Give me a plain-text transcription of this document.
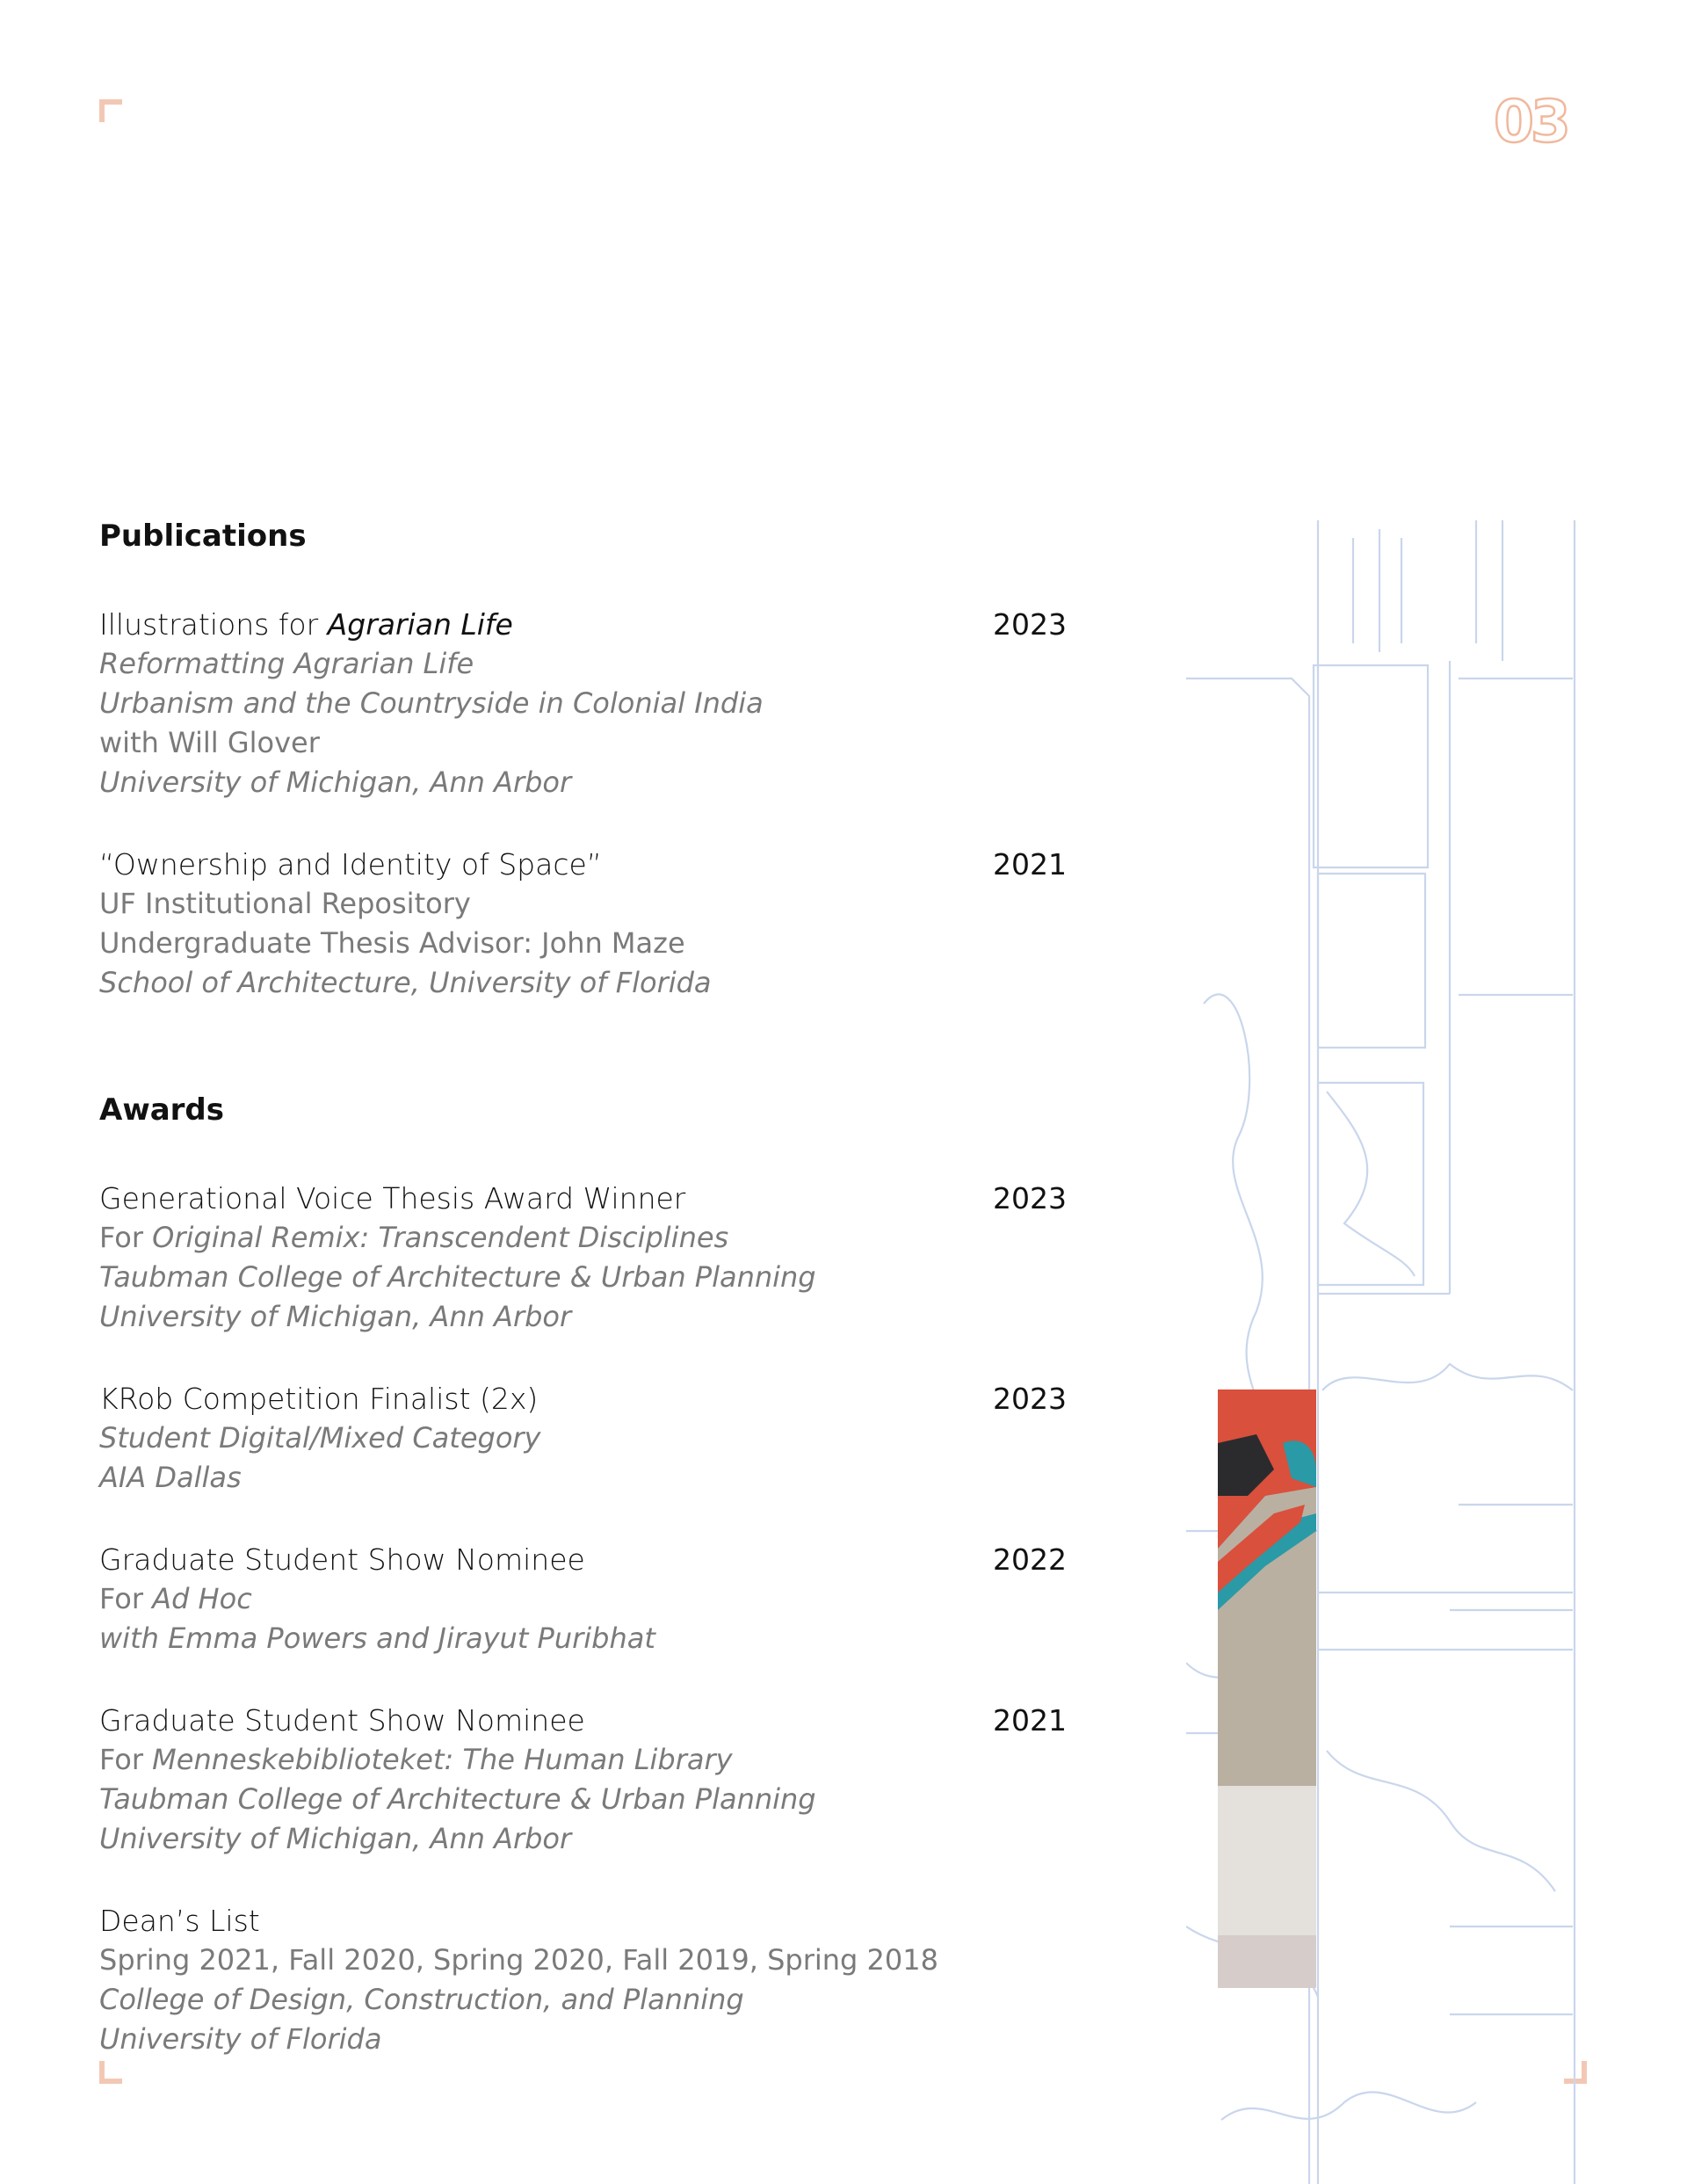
03
Publications
Illustrations for Agrarian Life	2023
Reformatting Agrarian Life
Urbanism and the Countryside in Colonial India
with Will Glover
University of Michigan, Ann Arbor
“Ownership and Identity of Space”	2021
UF Institutional Repository
Undergraduate Thesis Advisor: John Maze
School of Architecture, University of Florida
Awards
Generational Voice Thesis Award Winner	2023
For Original Remix: Transcendent Disciplines
Taubman College of Architecture & Urban Planning
University of Michigan, Ann Arbor
KRob Competition Finalist (2x)	2023
Student Digital/Mixed Category
AIA Dallas
Graduate Student Show Nominee	2022
For Ad Hoc
with Emma Powers and Jirayut Puribhat
Graduate Student Show Nominee	2021
For Menneskebiblioteket: The Human Library
Taubman College of Architecture & Urban Planning
University of Michigan, Ann Arbor
Dean’s List
Spring 2021, Fall 2020, Spring 2020, Fall 2019, Spring 2018
College of Design, Construction, and Planning
University of Florida
